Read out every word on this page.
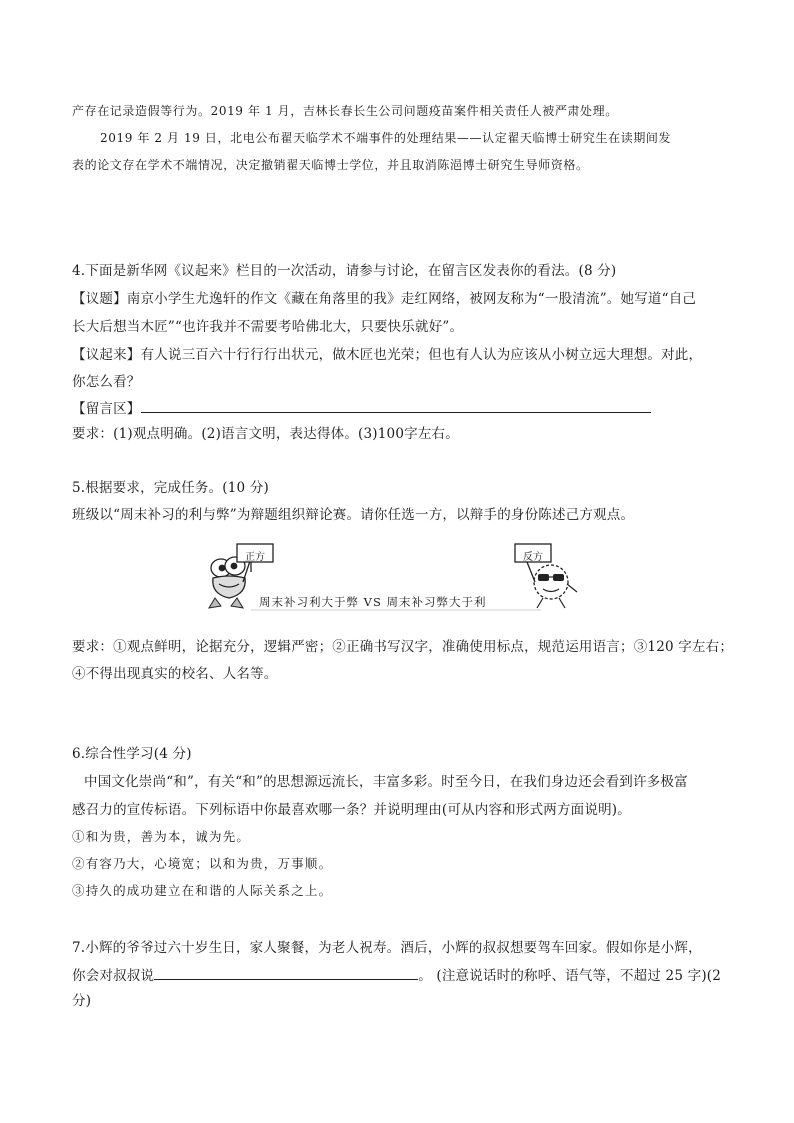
产存在记录造假等行为。2019 年 1 月，吉林长春长生公司问题疫苗案件相关责任人被严肃处理。
2019 年 2 月 19 日，北电公布翟天临学术不端事件的处理结果——认定翟天临博士研究生在读期间发
表的论文存在学术不端情况，决定撤销翟天临博士学位，并且取消陈浥博士研究生导师资格。
4.下面是新华网《议起来》栏目的一次活动，请参与讨论，在留言区发表你的看法。(8 分)
【议题】南京小学生尤逸轩的作文《藏在角落里的我》走红网络，被网友称为“一股清流”。她写道“自己
长大后想当木匠”“也许我并不需要考哈佛北大，只要快乐就好”。
【议起来】有人说三百六十行行行出状元，做木匠也光荣；但也有人认为应该从小树立远大理想。对此，
你怎么看？
【留言区】
要求：(1)观点明确。(2)语言文明，表达得体。(3)100字左右。
5.根据要求，完成任务。(10 分)
班级以“周末补习的利与弊”为辩题组织辩论赛。请你任选一方，以辩手的身份陈述己方观点。
正方	反方
周末补习利大于弊 VS 周末补习弊大于利
要求：①观点鲜明，论据充分，逻辑严密；②正确书写汉字，准确使用标点，规范运用语言；③120 字左右；
④不得出现真实的校名、人名等。
6.综合性学习(4 分)
中国文化崇尚“和”，有关“和”的思想源远流长，丰富多彩。时至今日，在我们身边还会看到许多极富
感召力的宣传标语。下列标语中你最喜欢哪一条？并说明理由(可从内容和形式两方面说明)。
①和为贵，善为本，诚为先。
②有容乃大，心境宽；以和为贵，万事顺。
③持久的成功建立在和谐的人际关系之上。
7.小辉的爷爷过六十岁生日，家人聚餐，为老人祝寿。酒后，小辉的叔叔想要驾车回家。假如你是小辉，
你会对叔叔说	。 (注意说话时的称呼、语气等，不超过 25 字)(2
分)
